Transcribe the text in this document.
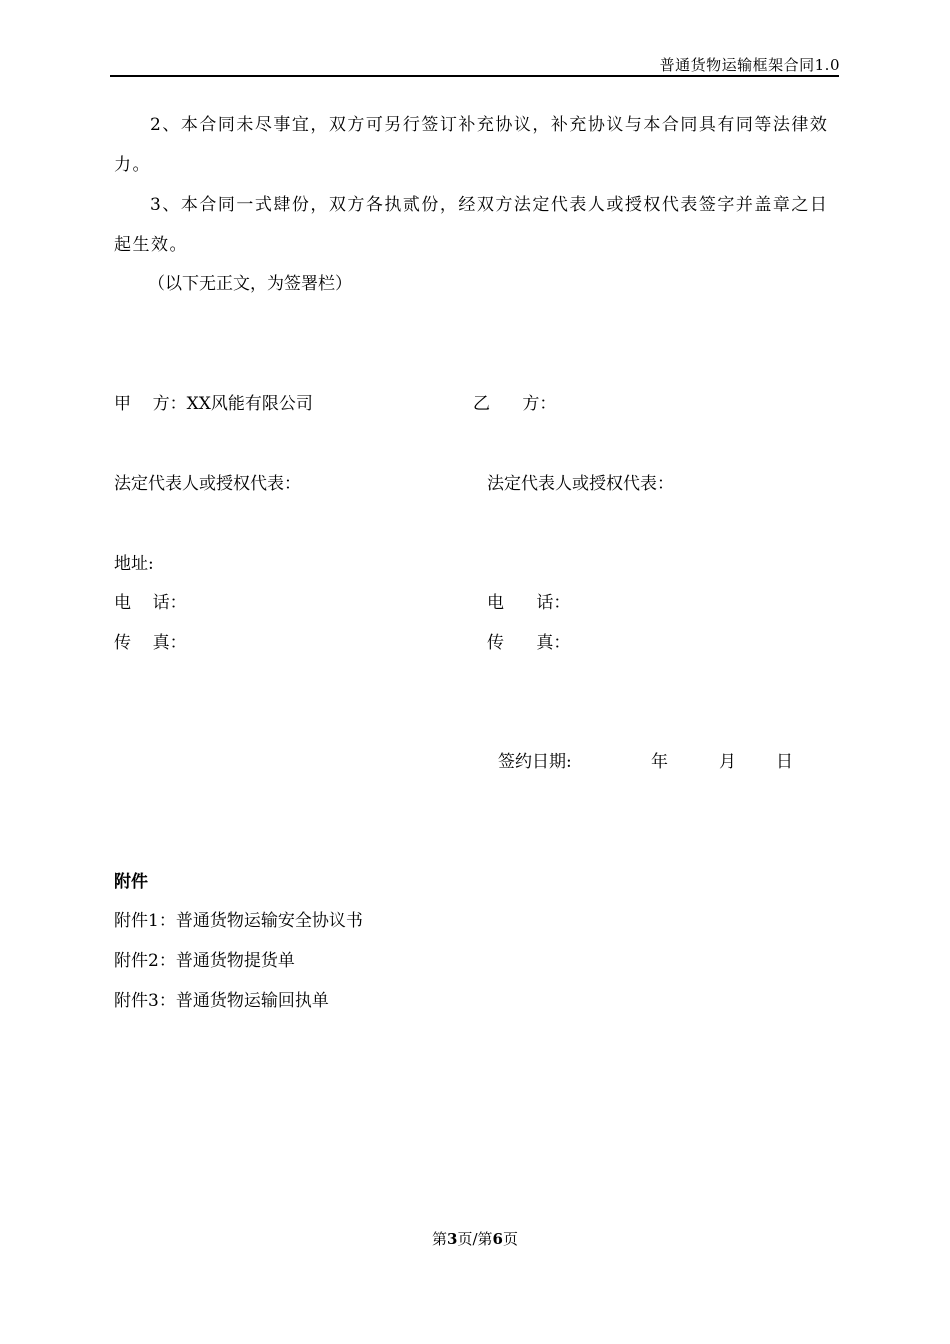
普通货物运输框架合同1.0
2、本合同未尽事宜，双方可另行签订补充协议，补充协议与本合同具有同等法律效力。
3、本合同一式肆份，双方各执贰份，经双方法定代表人或授权代表签字并盖章之日起生效。
（以下无正文，为签署栏）
甲    方：XX风能有限公司	乙      方：
法定代表人或授权代表：	法定代表人或授权代表：
地址:
电    话：	电      话：
传    真：	传      真：
签约日期:	年	月 日
附件
附件1：普通货物运输安全协议书
附件2：普通货物提货单
附件3：普通货物运输回执单
第3页/第6页
